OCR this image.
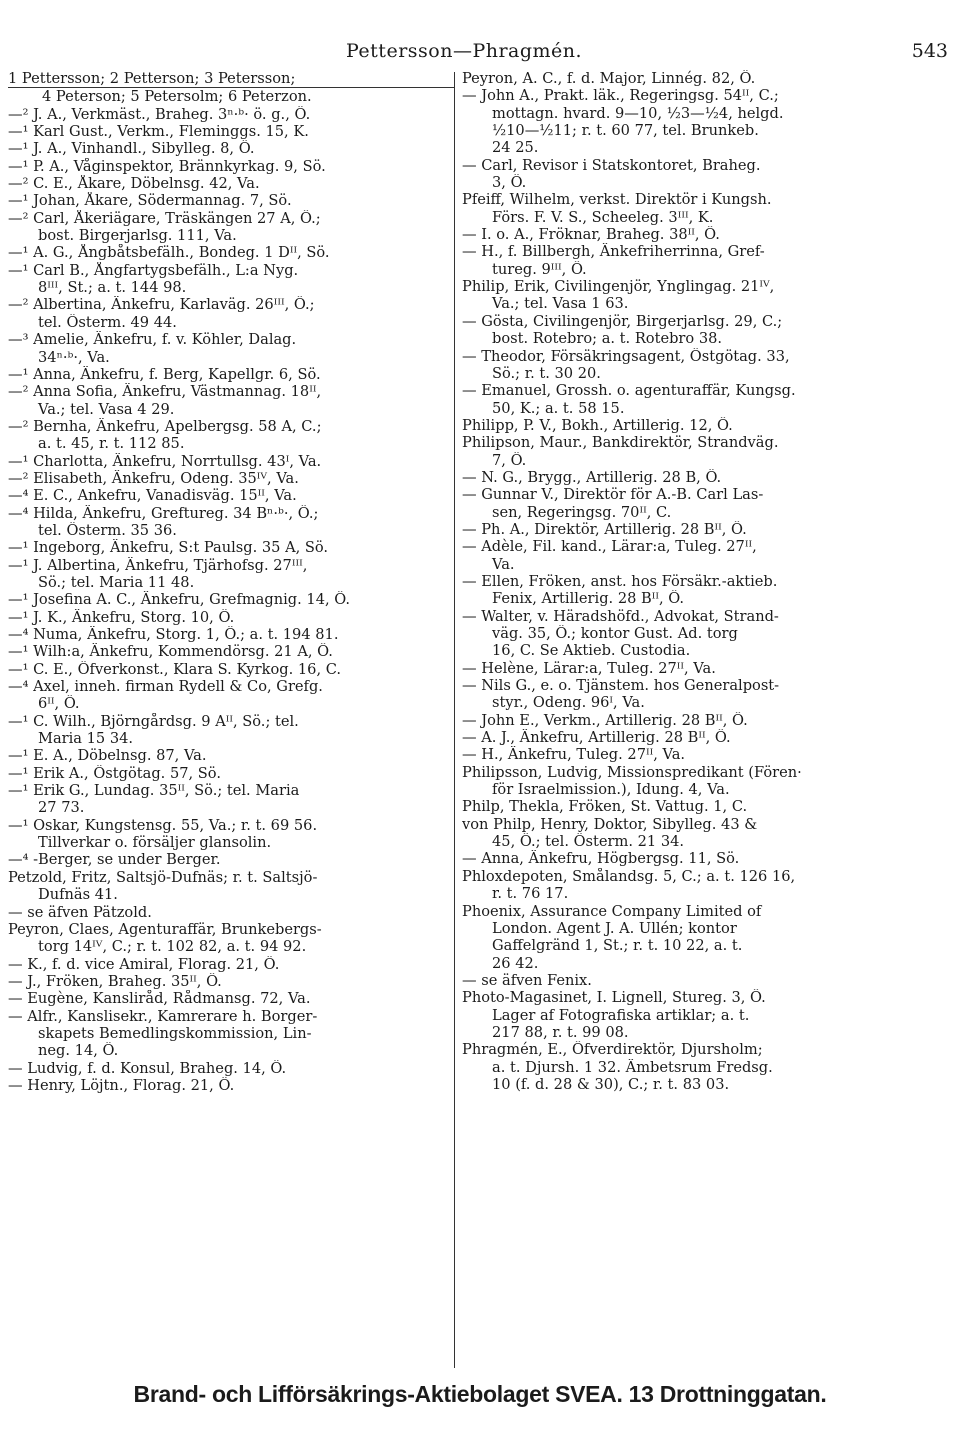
Pettersson—Phragmén.	543
1 Pettersson; 2 Petterson; 3 Petersson;
4 Peterson; 5 Petersolm; 6 Peterzon.
—² J. A., Verkmäst., Braheg. 3ⁿ·ᵇ· ö. g., Ö.
—¹ Karl Gust., Verkm., Fleminggs. 15, K.
—¹ J. A., Vinhandl., Sibylleg. 8, Ö.
—¹ P. A., Våginspektor, Brännkyrkag. 9, Sö.
—² C. E., Åkare, Döbelnsg. 42, Va.
—¹ Johan, Åkare, Södermannag. 7, Sö.
—² Carl, Åkeriägare, Träskängen 27 A, Ö.;
bost. Birgerjarlsg. 111, Va.
—¹ A. G., Ångbåtsbefälh., Bondeg. 1 Dᴵᴵ, Sö.
—¹ Carl B., Ångfartygsbefälh., L:a Nyg.
8ᴵᴵᴵ, St.; a. t. 144 98.
—² Albertina, Änkefru, Karlaväg. 26ᴵᴵᴵ, Ö.;
tel. Österm. 49 44.
—³ Amelie, Änkefru, f. v. Köhler, Dalag.
34ⁿ·ᵇ·, Va.
—¹ Anna, Änkefru, f. Berg, Kapellgr. 6, Sö.
—² Anna Sofia, Änkefru, Västmannag. 18ᴵᴵ,
Va.; tel. Vasa 4 29.
—² Bernha, Änkefru, Apelbergsg. 58 A, C.;
a. t. 45, r. t. 112 85.
—¹ Charlotta, Änkefru, Norrtullsg. 43ᴵ, Va.
—² Elisabeth, Änkefru, Odeng. 35ᴵⱽ, Va.
—⁴ E. C., Ankefru, Vanadisväg. 15ᴵᴵ, Va.
—⁴ Hilda, Änkefru, Greftureg. 34 Bⁿ·ᵇ·, Ö.;
tel. Österm. 35 36.
—¹ Ingeborg, Änkefru, S:t Paulsg. 35 A, Sö.
—¹ J. Albertina, Änkefru, Tjärhofsg. 27ᴵᴵᴵ,
Sö.; tel. Maria 11 48.
—¹ Josefina A. C., Änkefru, Grefmagnig. 14, Ö.
—¹ J. K., Änkefru, Storg. 10, Ö.
—⁴ Numa, Änkefru, Storg. 1, Ö.; a. t. 194 81.
—¹ Wilh:a, Änkefru, Kommendörsg. 21 A, Ö.
—¹ C. E., Öfverkonst., Klara S. Kyrkog. 16, C.
—⁴ Axel, inneh. firman Rydell & Co, Grefg.
6ᴵᴵ, Ö.
—¹ C. Wilh., Björngårdsg. 9 Aᴵᴵ, Sö.; tel.
Maria 15 34.
—¹ E. A., Döbelnsg. 87, Va.
—¹ Erik A., Östgötag. 57, Sö.
—¹ Erik G., Lundag. 35ᴵᴵ, Sö.; tel. Maria
27 73.
—¹ Oskar, Kungstensg. 55, Va.; r. t. 69 56.
Tillverkar o. försäljer glansolin.
—⁴ -Berger, se under Berger.
Petzold, Fritz, Saltsjö-Dufnäs; r. t. Saltsjö-
Dufnäs 41.
— se äfven Pätzold.
Peyron, Claes, Agenturaffär, Brunkebergs-
torg 14ᴵⱽ, C.; r. t. 102 82, a. t. 94 92.
— K., f. d. vice Amiral, Florag. 21, Ö.
— J., Fröken, Braheg. 35ᴵᴵ, Ö.
— Eugène, Kansliråd, Rådmansg. 72, Va.
— Alfr., Kanslisekr., Kamrerare h. Borger-
skapets Bemedlingskommission, Lin-
neg. 14, Ö.
— Ludvig, f. d. Konsul, Braheg. 14, Ö.
— Henry, Löjtn., Florag. 21, Ö.
Peyron, A. C., f. d. Major, Linnég. 82, Ö.
— John A., Prakt. läk., Regeringsg. 54ᴵᴵ, C.;
mottagn. hvard. 9—10, ½3—½4, helgd.
½10—½11; r. t. 60 77, tel. Brunkeb.
24 25.
— Carl, Revisor i Statskontoret, Braheg.
3, Ö.
Pfeiff, Wilhelm, verkst. Direktör i Kungsh.
Förs. F. V. S., Scheeleg. 3ᴵᴵᴵ, K.
— I. o. A., Fröknar, Braheg. 38ᴵᴵ, Ö.
— H., f. Billbergh, Änkefriherrinna, Gref-
tureg. 9ᴵᴵᴵ, Ö.
Philip, Erik, Civilingenjör, Ynglingag. 21ᴵⱽ,
Va.; tel. Vasa 1 63.
— Gösta, Civilingenjör, Birgerjarlsg. 29, C.;
bost. Rotebro; a. t. Rotebro 38.
— Theodor, Försäkringsagent, Östgötag. 33,
Sö.; r. t. 30 20.
— Emanuel, Grossh. o. agenturaffär, Kungsg.
50, K.; a. t. 58 15.
Philipp, P. V., Bokh., Artillerig. 12, Ö.
Philipson, Maur., Bankdirektör, Strandväg.
7, Ö.
— N. G., Brygg., Artillerig. 28 B, Ö.
— Gunnar V., Direktör för A.-B. Carl Las-
sen, Regeringsg. 70ᴵᴵ, C.
— Ph. A., Direktör, Artillerig. 28 Bᴵᴵ, Ö.
— Adèle, Fil. kand., Lärar:a, Tuleg. 27ᴵᴵ,
Va.
— Ellen, Fröken, anst. hos Försäkr.-aktieb.
Fenix, Artillerig. 28 Bᴵᴵ, Ö.
— Walter, v. Häradshöfd., Advokat, Strand-
väg. 35, Ö.; kontor Gust. Ad. torg
16, C. Se Aktieb. Custodia.
— Helène, Lärar:a, Tuleg. 27ᴵᴵ, Va.
— Nils G., e. o. Tjänstem. hos Generalpost-
styr., Odeng. 96ᴵ, Va.
— John E., Verkm., Artillerig. 28 Bᴵᴵ, Ö.
— A. J., Änkefru, Artillerig. 28 Bᴵᴵ, Ö.
— H., Änkefru, Tuleg. 27ᴵᴵ, Va.
Philipsson, Ludvig, Missionspredikant (Fören·
för Israelmission.), Idung. 4, Va.
Philp, Thekla, Fröken, St. Vattug. 1, C.
von Philp, Henry, Doktor, Sibylleg. 43 &
45, Ö.; tel. Österm. 21 34.
— Anna, Änkefru, Högbergsg. 11, Sö.
Phloxdepoten, Smålandsg. 5, C.; a. t. 126 16,
r. t. 76 17.
Phoenix, Assurance Company Limited of
London. Agent J. A. Ullén; kontor
Gaffelgränd 1, St.; r. t. 10 22, a. t.
26 42.
— se äfven Fenix.
Photo-Magasinet, I. Lignell, Stureg. 3, Ö.
Lager af Fotografiska artiklar; a. t.
217 88, r. t. 99 08.
Phragmén, E., Öfverdirektör, Djursholm;
a. t. Djursh. 1 32. Ämbetsrum Fredsg.
10 (f. d. 28 & 30), C.; r. t. 83 03.
Brand- och Lifförsäkrings-Aktiebolaget SVEA. 13 Drottninggatan.
